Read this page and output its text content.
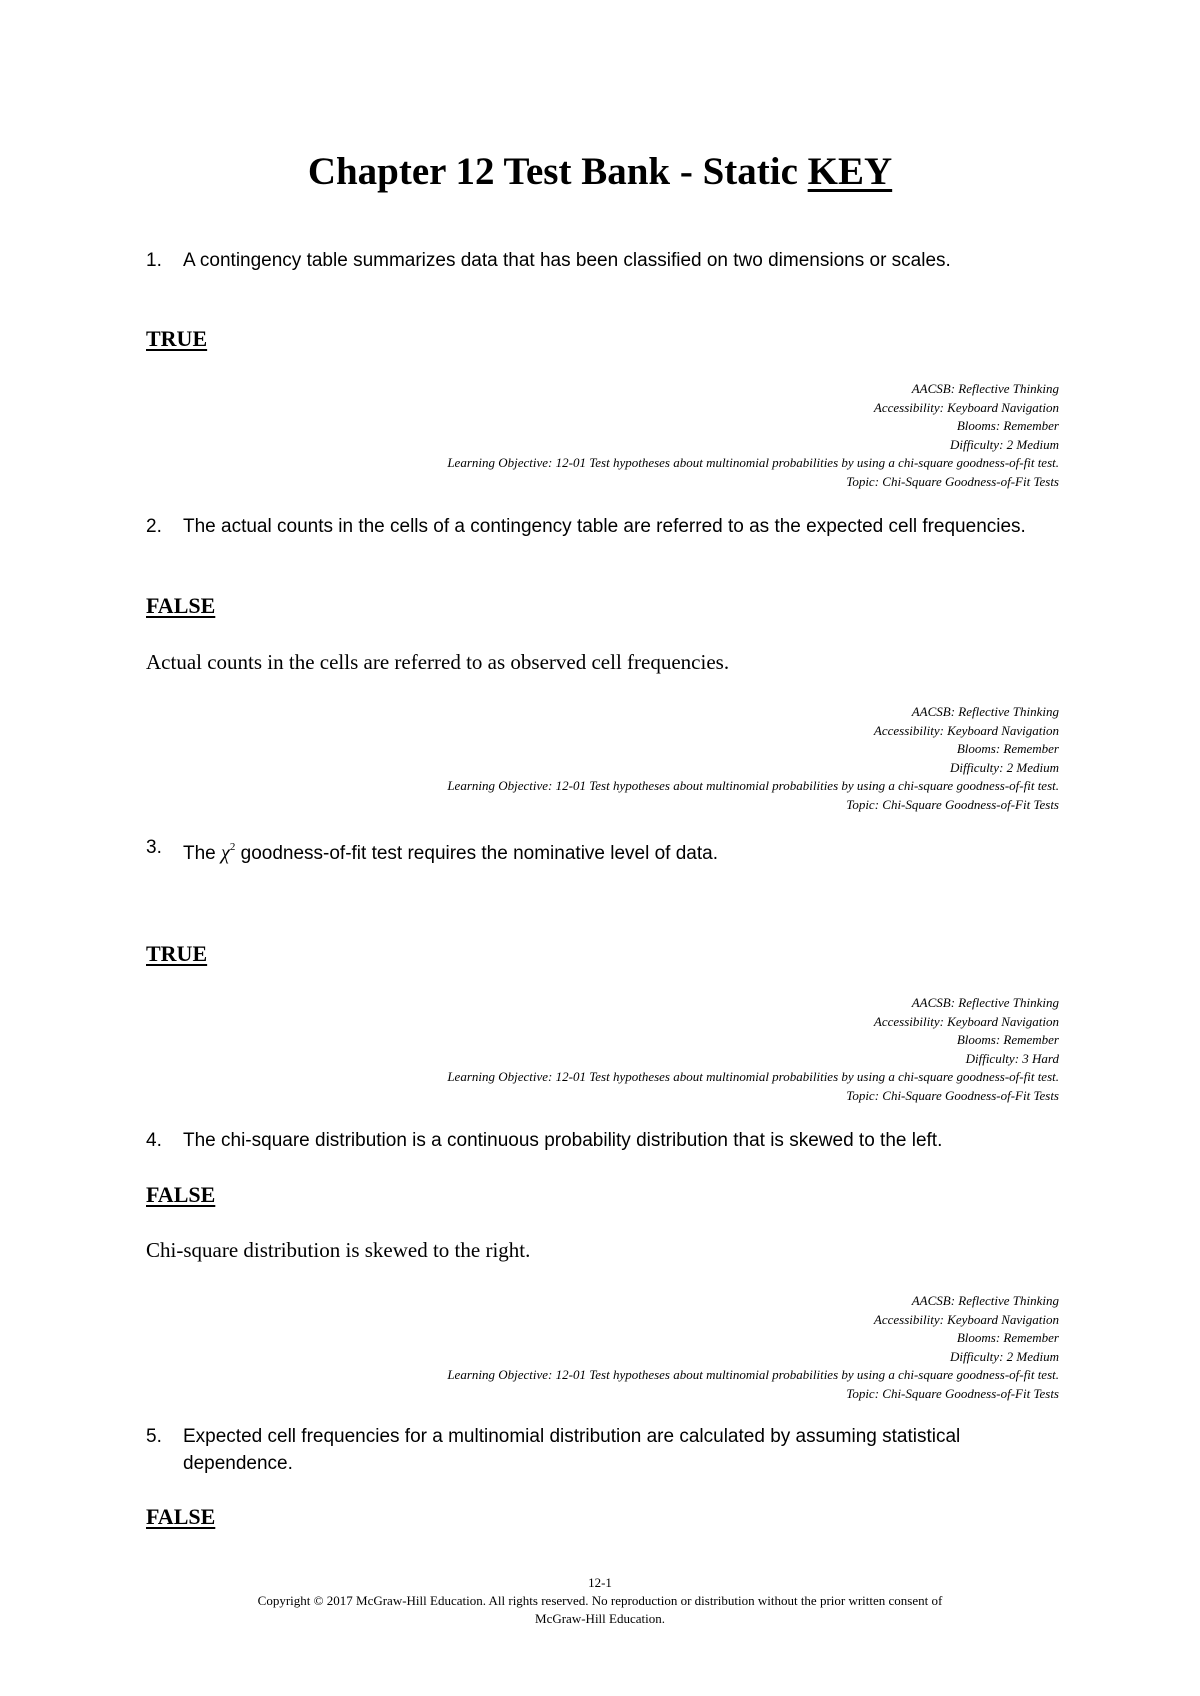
Chapter 12 Test Bank - Static KEY
1.	A contingency table summarizes data that has been classified on two dimensions or scales.
TRUE
AACSB: Reflective Thinking
Accessibility: Keyboard Navigation
Blooms: Remember
Difficulty: 2 Medium
Learning Objective: 12-01 Test hypotheses about multinomial probabilities by using a chi-square goodness-of-fit test.
Topic: Chi-Square Goodness-of-Fit Tests
2.	The actual counts in the cells of a contingency table are referred to as the expected cell frequencies.
FALSE
Actual counts in the cells are referred to as observed cell frequencies.
AACSB: Reflective Thinking
Accessibility: Keyboard Navigation
Blooms: Remember
Difficulty: 2 Medium
Learning Objective: 12-01 Test hypotheses about multinomial probabilities by using a chi-square goodness-of-fit test.
Topic: Chi-Square Goodness-of-Fit Tests
3.	The $\chi^2$ goodness-of-fit test requires the nominative level of data.
TRUE
AACSB: Reflective Thinking
Accessibility: Keyboard Navigation
Blooms: Remember
Difficulty: 3 Hard
Learning Objective: 12-01 Test hypotheses about multinomial probabilities by using a chi-square goodness-of-fit test.
Topic: Chi-Square Goodness-of-Fit Tests
4.	The chi-square distribution is a continuous probability distribution that is skewed to the left.
FALSE
Chi-square distribution is skewed to the right.
AACSB: Reflective Thinking
Accessibility: Keyboard Navigation
Blooms: Remember
Difficulty: 2 Medium
Learning Objective: 12-01 Test hypotheses about multinomial probabilities by using a chi-square goodness-of-fit test.
Topic: Chi-Square Goodness-of-Fit Tests
5.	Expected cell frequencies for a multinomial distribution are calculated by assuming statistical dependence.
FALSE
12-1
Copyright © 2017 McGraw-Hill Education. All rights reserved. No reproduction or distribution without the prior written consent of
McGraw-Hill Education.
